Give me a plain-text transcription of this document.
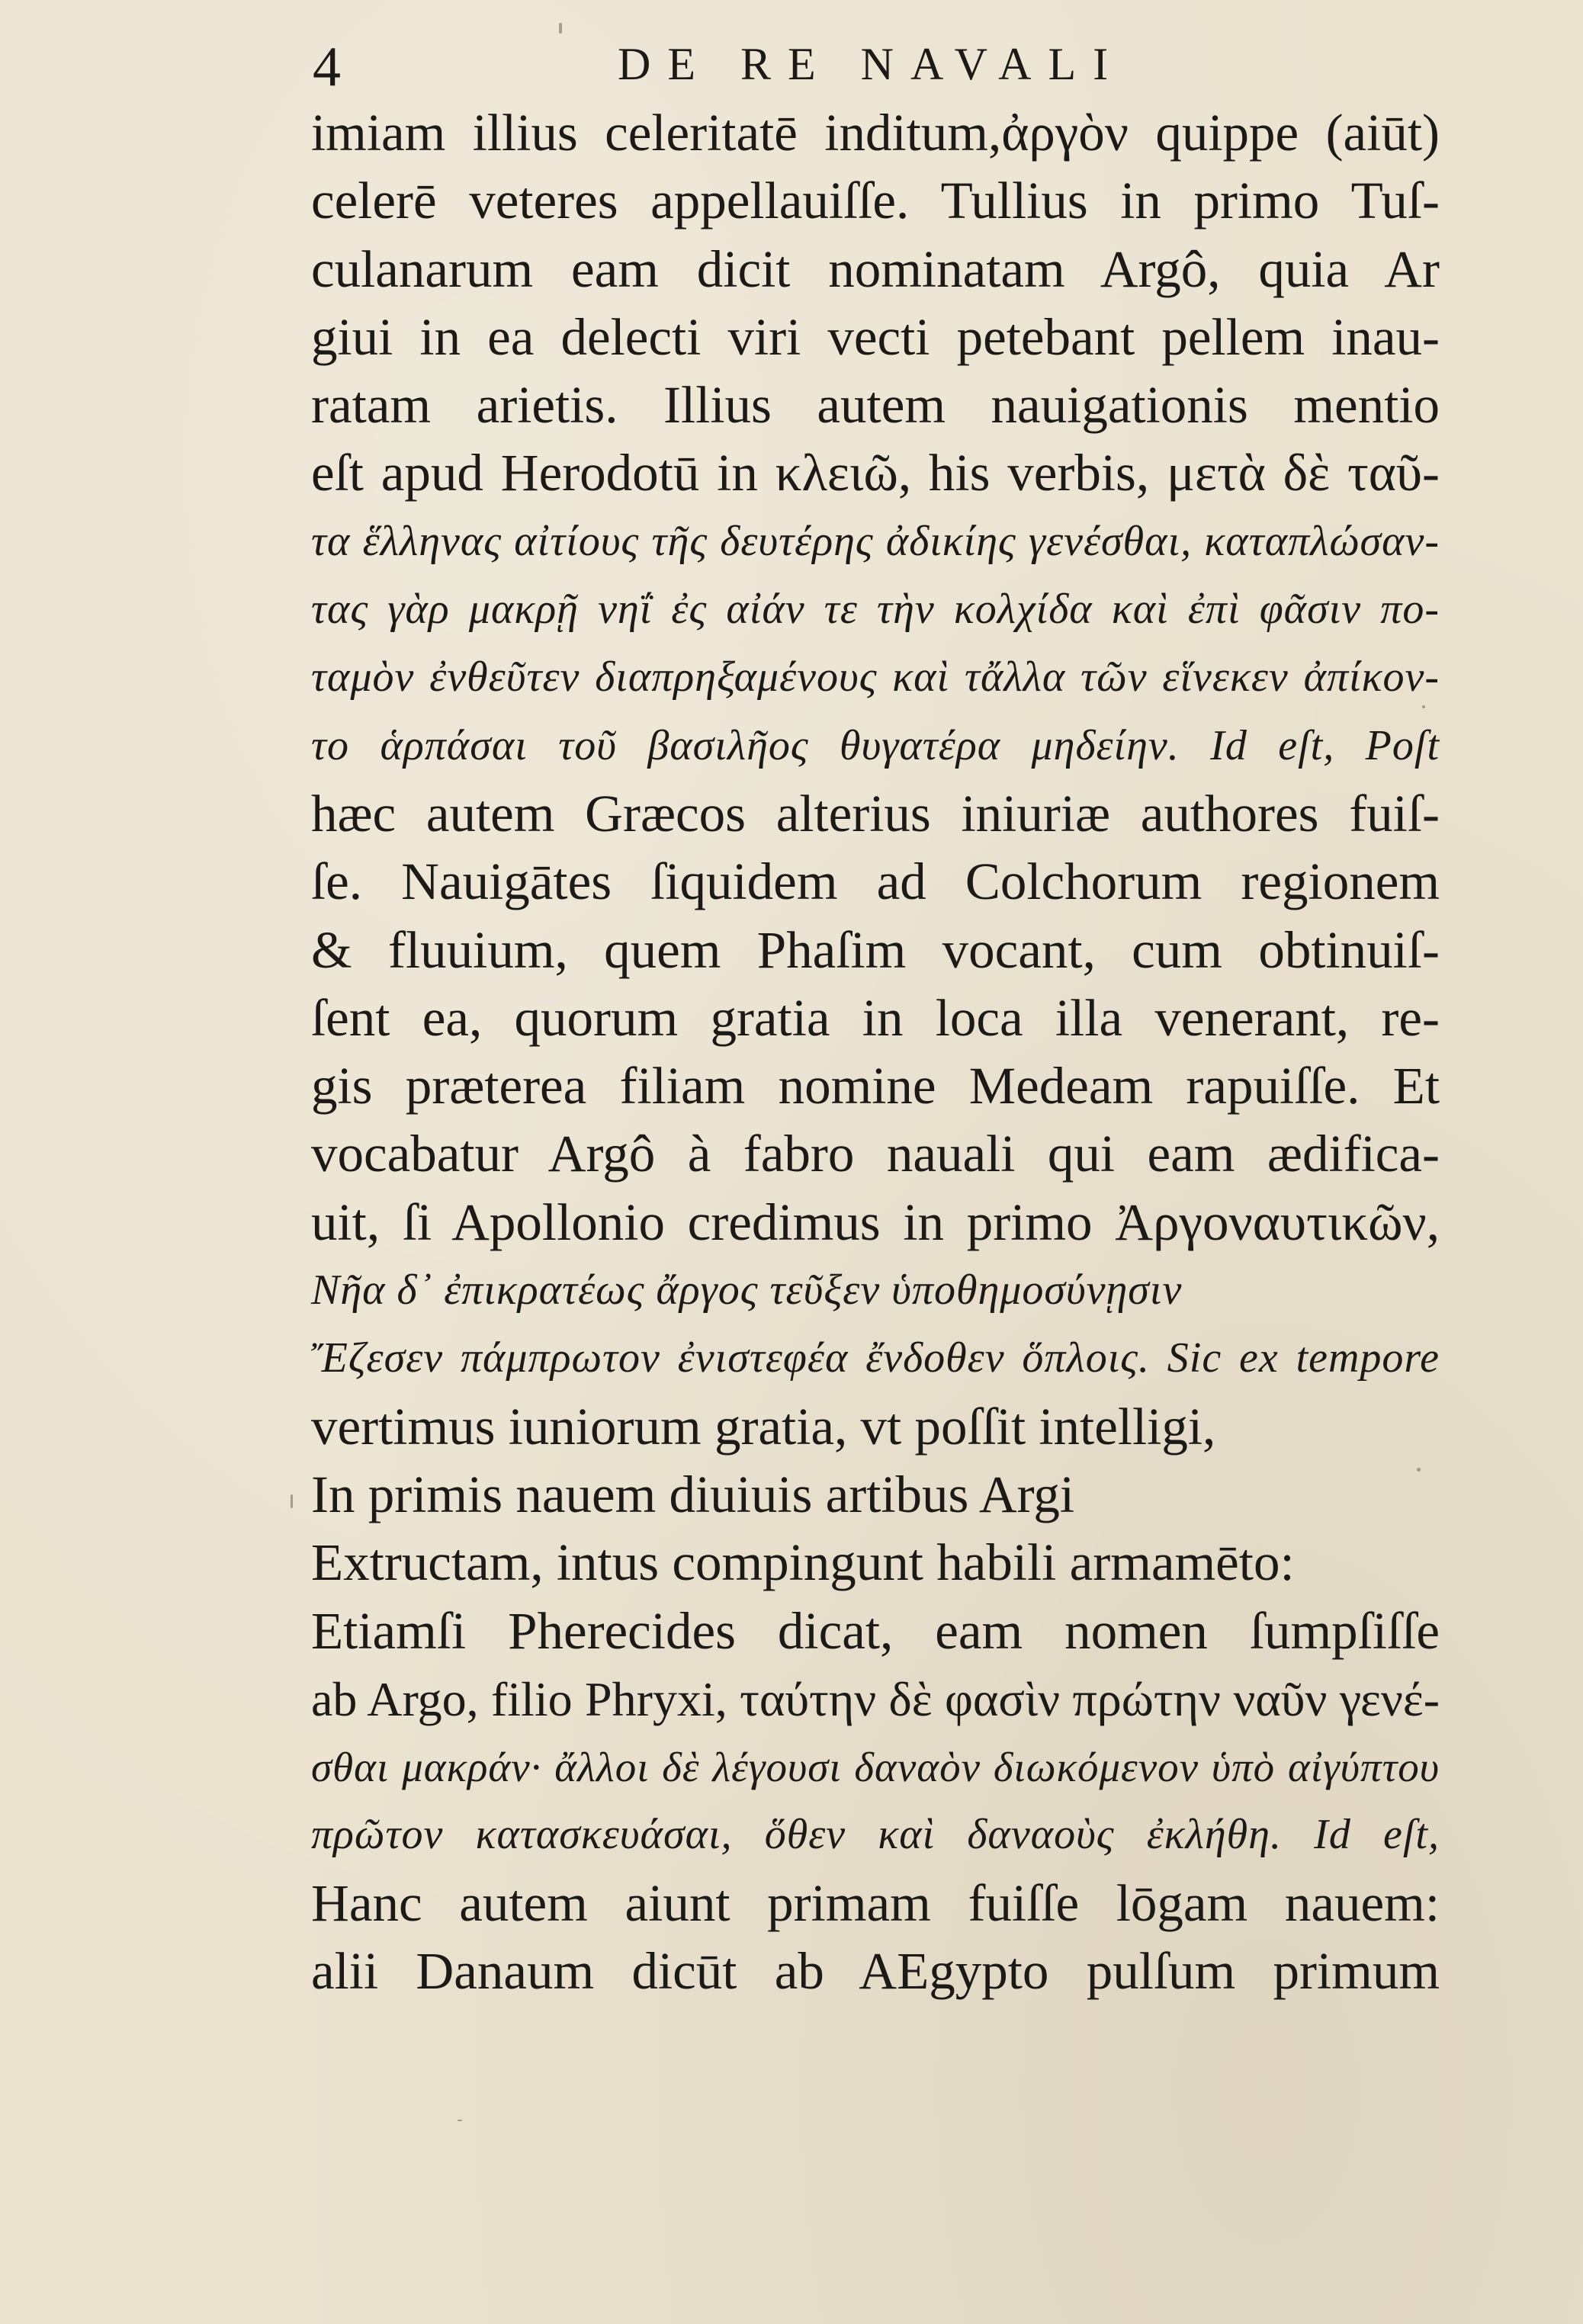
4	DE RE NAVALI
imiam illius celeritatē inditum,ἀργὸν quippe (aiūt)
celerē veteres appellauiſſe. Tullius in primo Tuſ-
culanarum eam dicit nominatam Argô, quia Ar
giui in ea delecti viri vecti petebant pellem inau-
ratam arietis. Illius autem nauigationis mentio
eſt apud Herodotū in κλειῶ, his verbis, μετὰ δὲ ταῦ-
τα ἕλληνας αἰτίους τῆς δευτέρης ἀδικίης γενέσθαι, καταπλώσαν-
τας γὰρ μακρῇ νηΐ ἐς αἰάν τε τὴν κολχίδα καὶ ἐπὶ φᾶσιν πο-
ταμὸν ἐνθεῦτεν διαπρηξαμένους καὶ τἄλλα τῶν εἵνεκεν ἀπίκον-
το ἁρπάσαι τοῦ βασιλῆος θυγατέρα μηδείην. Id eſt, Poſt
hæc autem Græcos alterius iniuriæ authores fuiſ-
ſe. Nauigātes ſiquidem ad Colchorum regionem
& fluuium, quem Phaſim vocant, cum obtinuiſ-
ſent ea, quorum gratia in loca illa venerant, re-
gis præterea filiam nomine Medeam rapuiſſe. Et
vocabatur Argô à fabro nauali qui eam ædifica-
uit, ſi Apollonio credimus in primo Ἀργοναυτικῶν,
Νῆα δ᾽ ἐπικρατέως ἄργος τεῦξεν ὑποθημοσύνῃσιν
Ἔζεσεν πάμπρωτον ἐνιστεφέα ἔνδοθεν ὅπλοις. Sic ex tempore
vertimus iuniorum gratia, vt poſſit intelligi,
In primis nauem diuiuis artibus Argi
Extructam, intus compingunt habili armamēto:
Etiamſi Pherecides dicat, eam nomen ſumpſiſſe
ab Argo, filio Phryxi, ταύτην δὲ φασὶν πρώτην ναῦν γενέ-
σθαι μακράν· ἄλλοι δὲ λέγουσι δαναὸν διωκόμενον ὑπὸ αἰγύπτου
πρῶτον κατασκευάσαι, ὅθεν καὶ δαναοὺς ἐκλήθη. Id eſt,
Hanc autem aiunt primam fuiſſe lōgam nauem:
alii Danaum dicūt ab AEgypto pulſum primum
